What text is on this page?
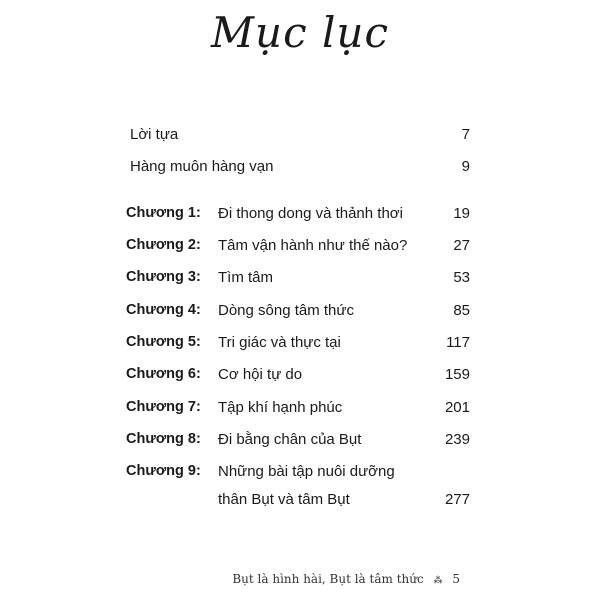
Mục lục
Lời tựa	7
Hàng muôn hàng vạn	9
Chương 1: Đi thong dong và thảnh thơi	19
Chương 2: Tâm vận hành như thế nào?	27
Chương 3: Tìm tâm	53
Chương 4: Dòng sông tâm thức	85
Chương 5: Tri giác và thực tại	117
Chương 6: Cơ hội tự do	159
Chương 7: Tập khí hạnh phúc	201
Chương 8: Đi bằng chân của Bụt	239
Chương 9: Những bài tập nuôi dưỡng
thân Bụt và tâm Bụt	277
Bụt là hình hài, Bụt là tâm thức ⁂ 5
